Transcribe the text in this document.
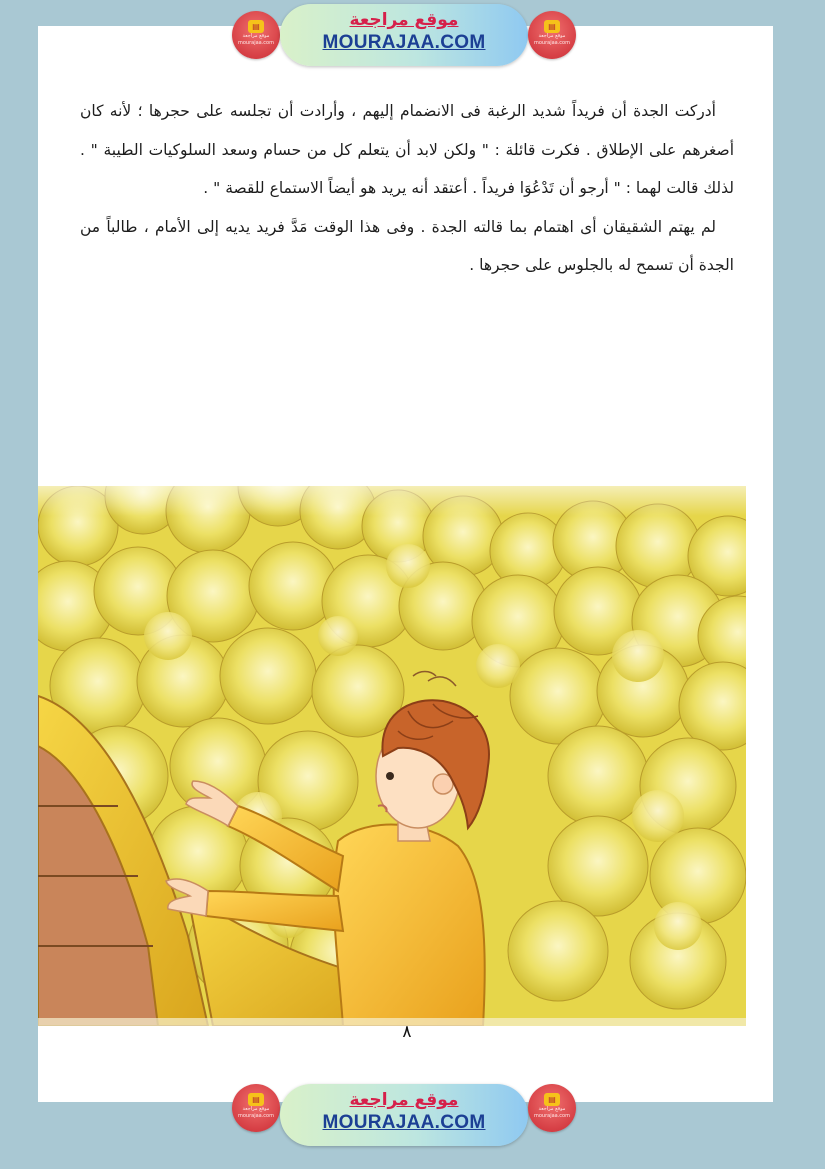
▤
موقع مراجعة
mourajaa.com
موقع مراجعة
MOURAJAA.COM
▤
موقع مراجعة
mourajaa.com

أدركت الجدة أن فريداً شديد الرغبة فى الانضمام إليهم ، وأرادت أن تجلسه على حجرها ؛ لأنه كان أصغرهم على الإطلاق . فكرت قائلة : " ولكن لابد أن يتعلم كل من حسام وسعد السلوكيات الطيبة " . لذلك قالت لهما : " أرجو أن تَدْعُوَا فريداً . أعتقد أنه يريد هو أيضاً الاستماع للقصة " .

لم يهتم الشقيقان أى اهتمام بما قالته الجدة . وفى هذا الوقت مَدَّ فريد يديه إلى الأمام ، طالباً من الجدة أن تسمح له بالجلوس على حجرها .

٨
▤
موقع مراجعة
mourajaa.com
موقع مراجعة
MOURAJAA.COM
▤
موقع مراجعة
mourajaa.com
